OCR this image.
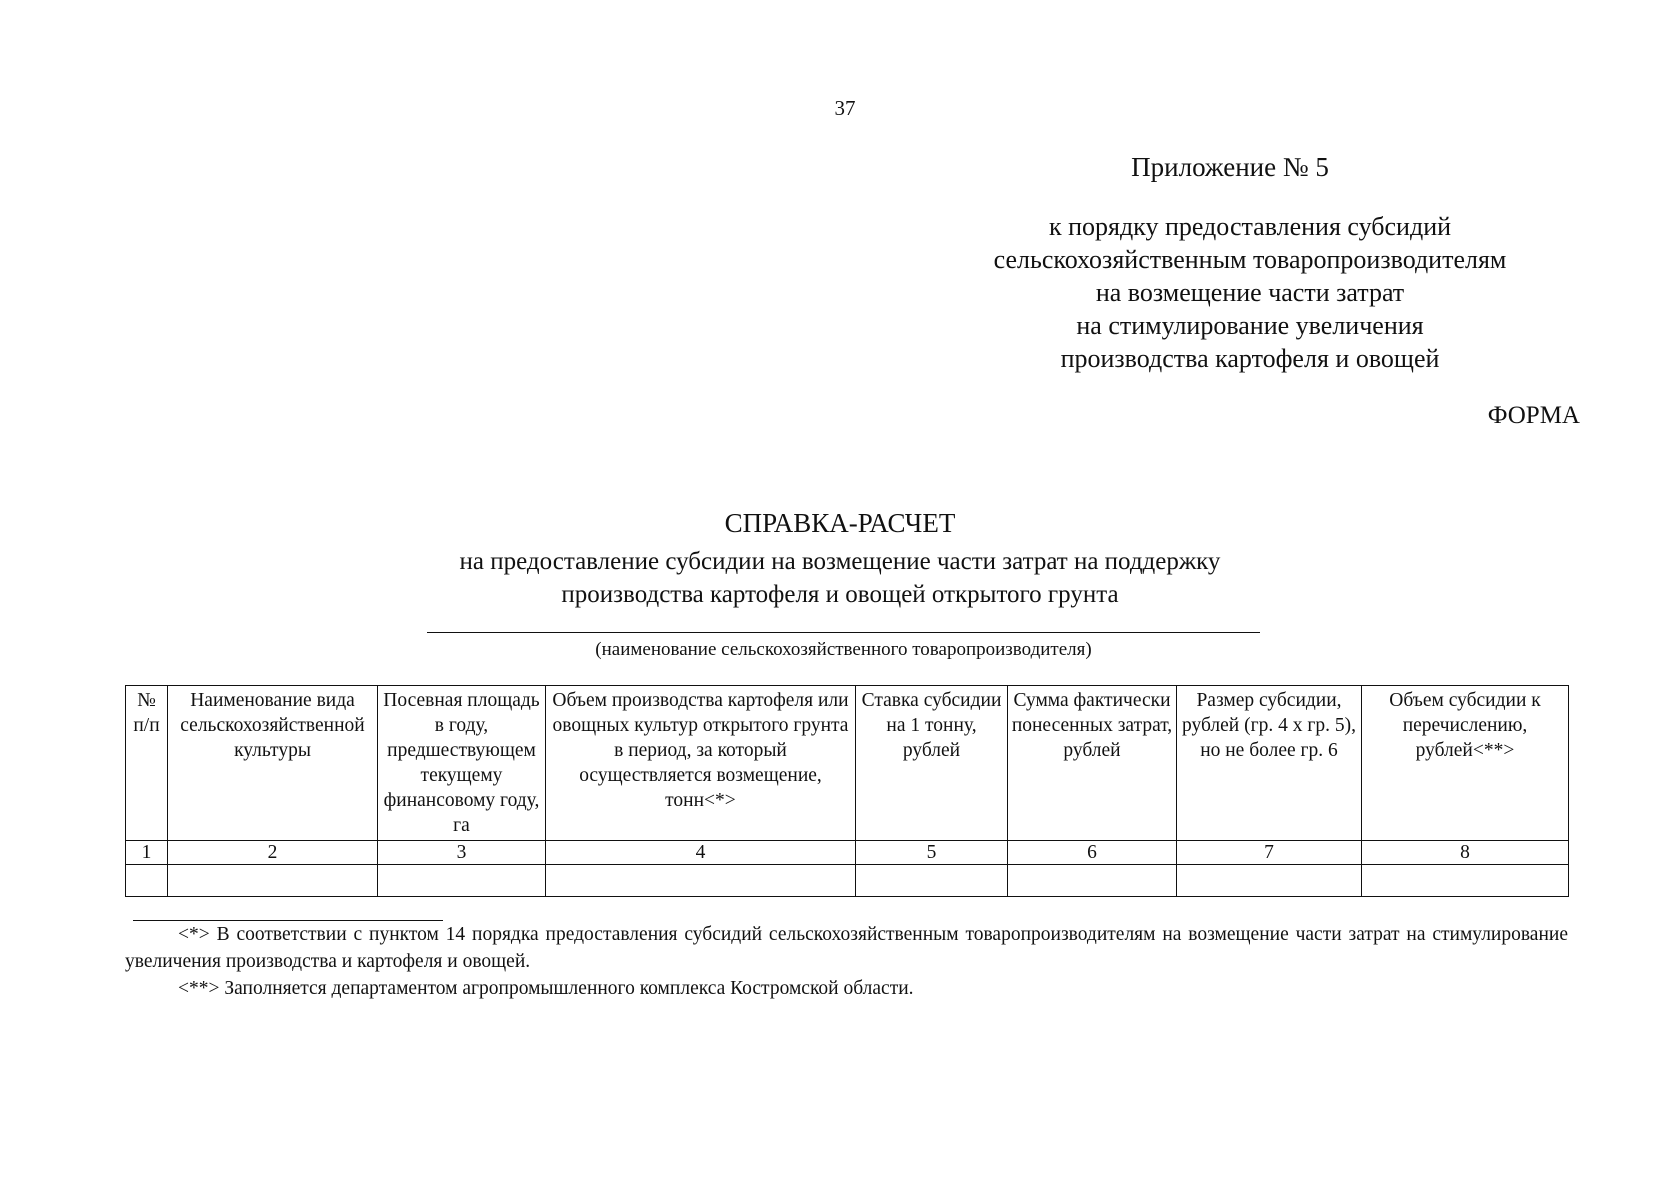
37
Приложение № 5
к порядку предоставления субсидий
сельскохозяйственным товаропроизводителям
на возмещение части затрат
на стимулирование увеличения
производства картофеля и овощей
ФОРМА
СПРАВКА-РАСЧЕТ
на предоставление субсидии на возмещение части затрат на поддержку
производства картофеля и овощей открытого грунта
(наименование сельскохозяйственного товаропроизводителя)
№ п/п	Наименование вида сельскохозяйственной культуры	Посевная площадь в году, предшествующем текущему финансовому году, га	Объем производства картофеля или овощных культур открытого грунта в период, за который осуществляется возмещение, тонн<*>	Ставка субсидии на 1 тонну, рублей	Сумма фактически понесенных затрат, рублей	Размер субсидии, рублей (гр. 4 х гр. 5), но не более гр. 6	Объем субсидии к перечислению, рублей<**>
1	2	3	4	5	6	7	8

<*> В соответствии с пунктом 14 порядка предоставления субсидий сельскохозяйственным товаропроизводителям на возмещение части затрат на стимулирование увеличения производства и картофеля и овощей.
<**> Заполняется департаментом агропромышленного комплекса Костромской области.
